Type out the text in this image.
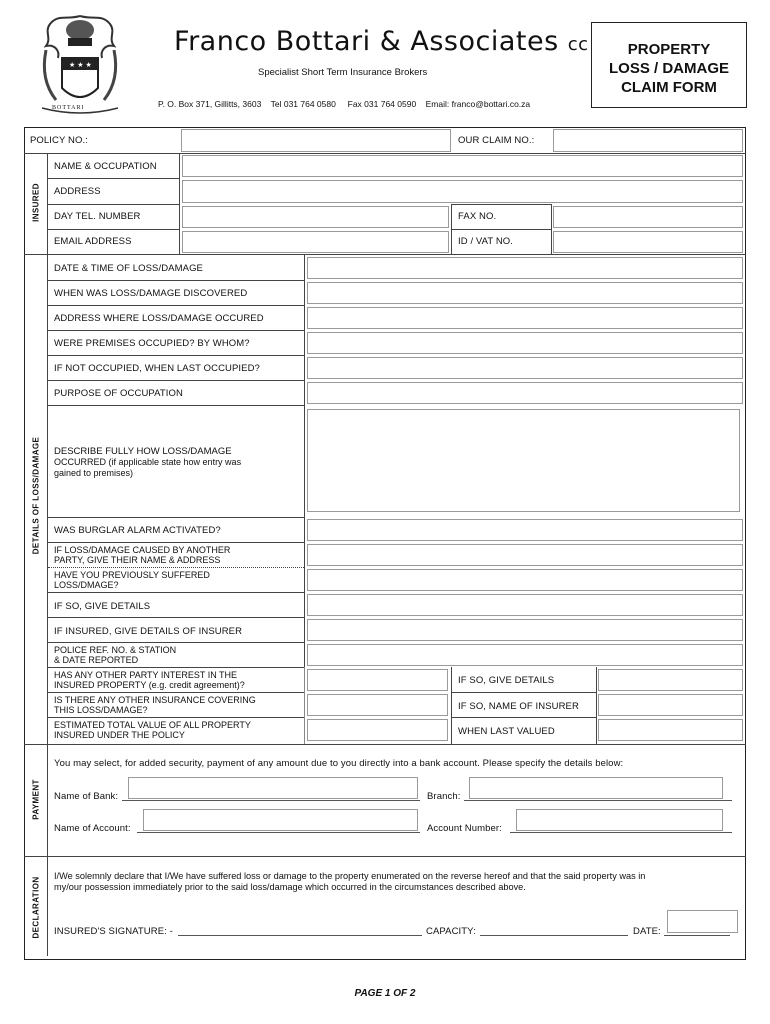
★ ★ ★
BOTTARI
Franco Bottari & Associates cc
Specialist Short Term Insurance Brokers
P. O. Box 371, Gillitts, 3603    Tel 031 764 0580     Fax 031 764 0590    Email: franco@bottari.co.za
PROPERTY
LOSS / DAMAGE
CLAIM FORM
INSURED
DETAILS OF LOSS/DAMAGE
PAYMENT
DECLARATION
POLICY NO.:	OUR CLAIM NO.:
NAME & OCCUPATION
ADDRESS
DAY TEL. NUMBER	FAX NO.
EMAIL ADDRESS	ID / VAT NO.
DATE & TIME OF LOSS/DAMAGE
WHEN WAS LOSS/DAMAGE DISCOVERED
ADDRESS WHERE LOSS/DAMAGE OCCURED
WERE PREMISES OCCUPIED? BY WHOM?
IF NOT OCCUPIED, WHEN LAST OCCUPIED?
PURPOSE OF OCCUPATION
DESCRIBE FULLY HOW LOSS/DAMAGE
OCCURRED (if applicable state how entry was
gained to premises)
WAS BURGLAR ALARM ACTIVATED?
IF LOSS/DAMAGE CAUSED BY ANOTHER
PARTY, GIVE THEIR NAME & ADDRESS
HAVE YOU PREVIOUSLY SUFFERED
LOSS/DMAGE?
IF SO, GIVE DETAILS
IF INSURED, GIVE DETAILS OF INSURER
POLICE REF. NO. & STATION
& DATE REPORTED
HAS ANY OTHER PARTY INTEREST IN THE
INSURED PROPERTY (e.g. credit agreement)?	IF SO, GIVE DETAILS
IS THERE ANY OTHER INSURANCE COVERING
THIS LOSS/DAMAGE?	IF SO, NAME OF INSURER
ESTIMATED TOTAL VALUE OF ALL PROPERTY
INSURED UNDER THE POLICY	WHEN LAST VALUED
You may select, for added security, payment of any amount due to you directly into a bank account. Please specify the details below:
Name of Bank:	Branch:
Name of Account:	Account Number:
I/We solemnly declare that I/We have suffered loss or damage to the property enumerated on the reverse hereof and that the said property was in
my/our possession immediately prior to the said loss/damage which occurred in the circumstances described above.
INSURED'S SIGNATURE: -	CAPACITY:	DATE:
PAGE 1 OF 2
